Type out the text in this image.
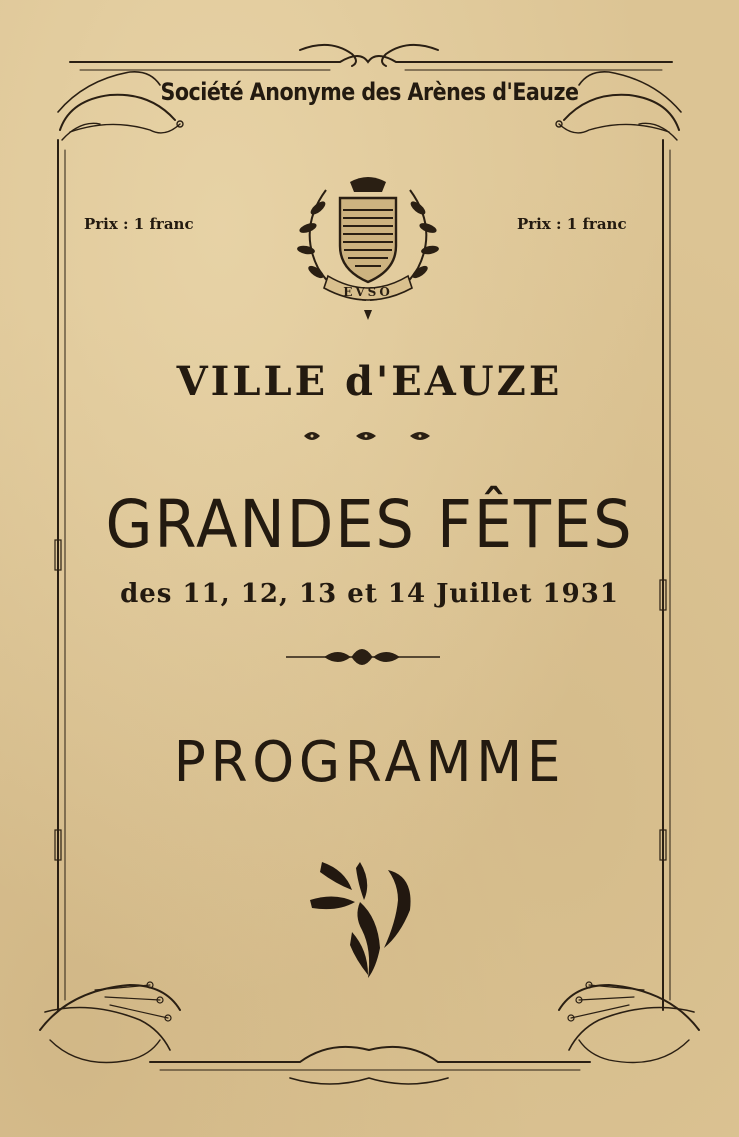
Société Anonyme des Arènes d'Eauze
Prix : 1 franc	Prix : 1 franc
EVSO
VILLE d'EAUZE
GRANDES FÊTES
des 11, 12, 13 et 14 Juillet 1931
PROGRAMME
